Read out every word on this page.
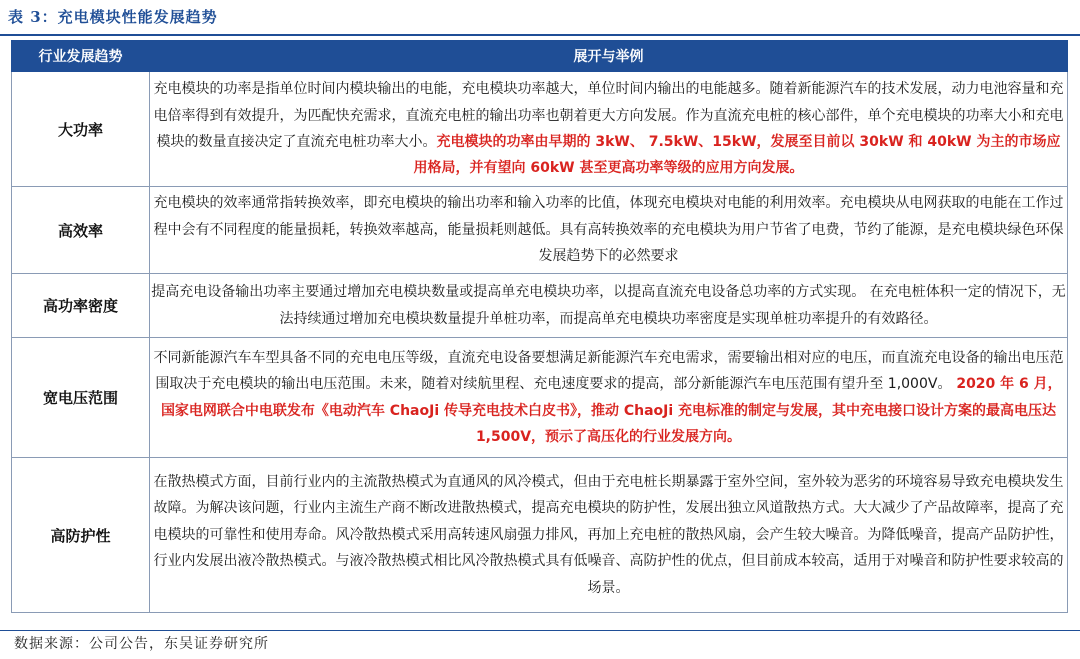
表 3：充电模块性能发展趋势
行业发展趋势	展开与举例
大功率	充电模块的功率是指单位时间内模块输出的电能，充电模块功率越大，单位时间内输出的电能越多。随着新能源汽车的技术发展，动力电池容量和充电倍率得到有效提升，为匹配快充需求，直流充电桩的输出功率也朝着更大方向发展。作为直流充电桩的核心部件，单个充电模块的功率大小和充电模块的数量直接决定了直流充电桩功率大小。充电模块的功率由早期的 3kW、 7.5kW、15kW，发展至目前以 30kW 和 40kW 为主的市场应用格局，并有望向 60kW 甚至更高功率等级的应用方向发展。
高效率	充电模块的效率通常指转换效率，即充电模块的输出功率和输入功率的比值，体现充电模块对电能的利用效率。充电模块从电网获取的电能在工作过程中会有不同程度的能量损耗，转换效率越高，能量损耗则越低。具有高转换效率的充电模块为用户节省了电费，节约了能源，是充电模块绿色环保发展趋势下的必然要求
高功率密度	提高充电设备输出功率主要通过增加充电模块数量或提高单充电模块功率，以提高直流充电设备总功率的方式实现。 在充电桩体积一定的情况下，无法持续通过增加充电模块数量提升单桩功率，而提高单充电模块功率密度是实现单桩功率提升的有效路径。
宽电压范围	不同新能源汽车车型具备不同的充电电压等级，直流充电设备要想满足新能源汽车充电需求，需要输出相对应的电压，而直流充电设备的输出电压范围取决于充电模块的输出电压范围。未来，随着对续航里程、充电速度要求的提高，部分新能源汽车电压范围有望升至 1,000V。 2020 年 6 月，国家电网联合中电联发布《电动汽车 ChaoJi 传导充电技术白皮书》，推动 ChaoJi 充电标准的制定与发展，其中充电接口设计方案的最高电压达 1,500V，预示了高压化的行业发展方向。
高防护性	在散热模式方面，目前行业内的主流散热模式为直通风的风冷模式，但由于充电桩长期暴露于室外空间，室外较为恶劣的环境容易导致充电模块发生故障。为解决该问题，行业内主流生产商不断改进散热模式，提高充电模块的防护性，发展出独立风道散热方式。大大减少了产品故障率，提高了充电模块的可靠性和使用寿命。风冷散热模式采用高转速风扇强力排风，再加上充电桩的散热风扇，会产生较大噪音。为降低噪音，提高产品防护性，行业内发展出液冷散热模式。与液冷散热模式相比风冷散热模式具有低噪音、高防护性的优点，但目前成本较高，适用于对噪音和防护性要求较高的场景。
数据来源：公司公告，东吴证券研究所
